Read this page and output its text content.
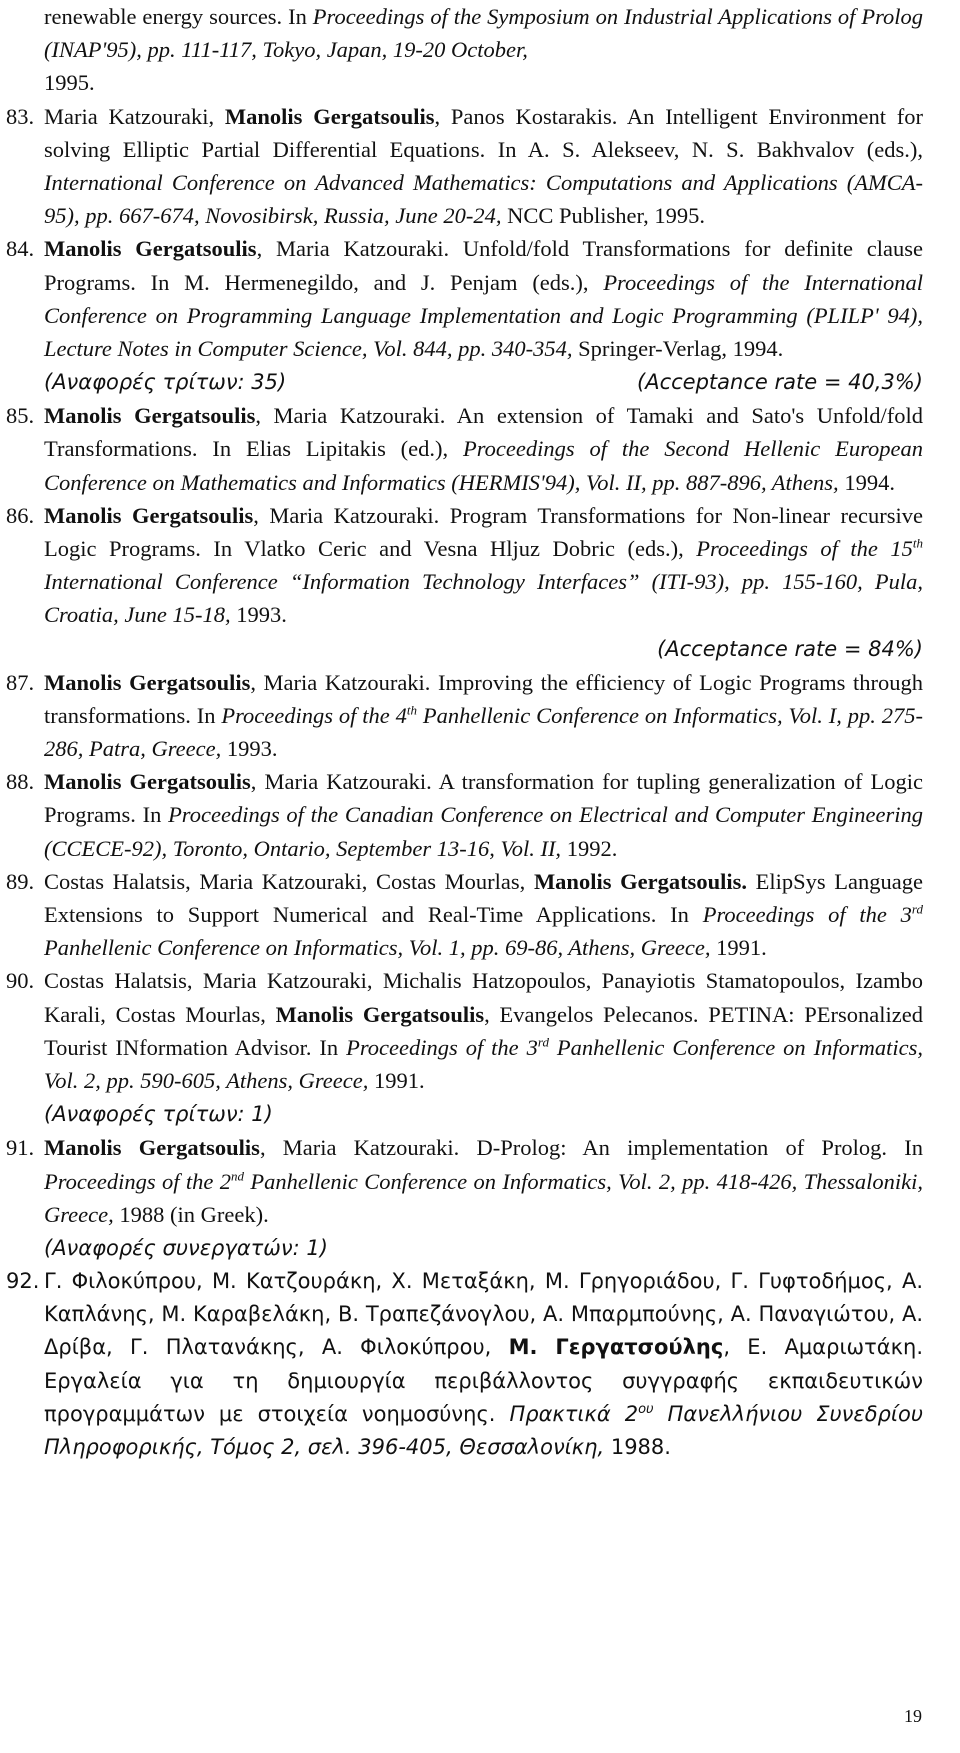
renewable energy sources. In Proceedings of the Symposium on Industrial Applications of Prolog (INAP'95), pp. 111-117, Tokyo, Japan, 19-20 October,
1995.
83. Maria Katzouraki, Manolis Gergatsoulis, Panos Kostarakis. An Intelligent Environment for solving Elliptic Partial Differential Equations. In A. S. Alekseev, N. S. Bakhvalov (eds.), International Conference on Advanced Mathematics: Computations and Applications (AMCA-95), pp. 667-674, Novosibirsk, Russia, June 20-24, NCC Publisher, 1995.
84. Manolis Gergatsoulis, Maria Katzouraki. Unfold/fold Transformations for definite clause Programs. In M. Hermenegildo, and J. Penjam (eds.), Proceedings of the International Conference on Programming Language Implementation and Logic Programming (PLILP' 94), Lecture Notes in Computer Science, Vol. 844, pp. 340-354, Springer-Verlag, 1994.
(Αναφορές τρίτων: 35)	(Acceptance rate = 40,3%)
85. Manolis Gergatsoulis, Maria Katzouraki. An extension of Tamaki and Sato's Unfold/fold Transformations. In Elias Lipitakis (ed.), Proceedings of the Second Hellenic European Conference on Mathematics and Informatics (HERMIS'94), Vol. II, pp. 887-896, Athens, 1994.
86. Manolis Gergatsoulis, Maria Katzouraki. Program Transformations for Non-linear recursive Logic Programs. In Vlatko Ceric and Vesna Hljuz Dobric (eds.), Proceedings of the 15th International Conference “Information Technology Interfaces” (ITI-93), pp. 155-160, Pula, Croatia, June 15-18, 1993.
(Acceptance rate = 84%)
87. Manolis Gergatsoulis, Maria Katzouraki. Improving the efficiency of Logic Programs through transformations. In Proceedings of the 4th Panhellenic Conference on Informatics, Vol. I, pp. 275-286, Patra, Greece, 1993.
88. Manolis Gergatsoulis, Maria Katzouraki. A transformation for tupling generalization of Logic Programs. In Proceedings of the Canadian Conference on Electrical and Computer Engineering (CCECE-92), Toronto, Ontario, September 13-16, Vol. II, 1992.
89. Costas Halatsis, Maria Katzouraki, Costas Mourlas, Manolis Gergatsoulis. ElipSys Language Extensions to Support Numerical and Real-Time Applications. In Proceedings of the 3rd Panhellenic Conference on Informatics, Vol. 1, pp. 69-86, Athens, Greece, 1991.
90. Costas Halatsis, Maria Katzouraki, Michalis Hatzopoulos, Panayiotis Stamatopoulos, Izambo Karali, Costas Mourlas, Manolis Gergatsoulis, Evangelos Pelecanos. PETINA: PErsonalized Tourist INformation Advisor. In Proceedings of the 3rd Panhellenic Conference on Informatics, Vol. 2, pp. 590-605, Athens, Greece, 1991.
(Αναφορές τρίτων: 1)
91. Manolis Gergatsoulis, Maria Katzouraki. D-Prolog: An implementation of Prolog. In Proceedings of the 2nd Panhellenic Conference on Informatics, Vol. 2, pp. 418-426, Thessaloniki, Greece, 1988 (in Greek).
(Αναφορές συνεργατών: 1)
92. Γ. Φιλοκύπρου, Μ. Κατζουράκη, Χ. Μεταξάκη, Μ. Γρηγοριάδου, Γ. Γυφτοδήμος, Α. Καπλάνης, Μ. Καραβελάκη, Β. Τραπεζάνογλου, Α. Μπαρμπούνης, Α. Παναγιώτου, Α. Δρίβα, Γ. Πλατανάκης, Α. Φιλοκύπρου, Μ. Γεργατσούλης, Ε. Αμαριωτάκη. Εργαλεία για τη δημιουργία περιβάλλοντος συγγραφής εκπαιδευτικών προγραμμάτων με στοιχεία νοημοσύνης. Πρακτικά $2^{o\upsilon}$ Πανελλήνιου Συνεδρίου Πληροφορικής, Τόμος 2, σελ. 396-405, Θεσσαλονίκη, 1988.
19
